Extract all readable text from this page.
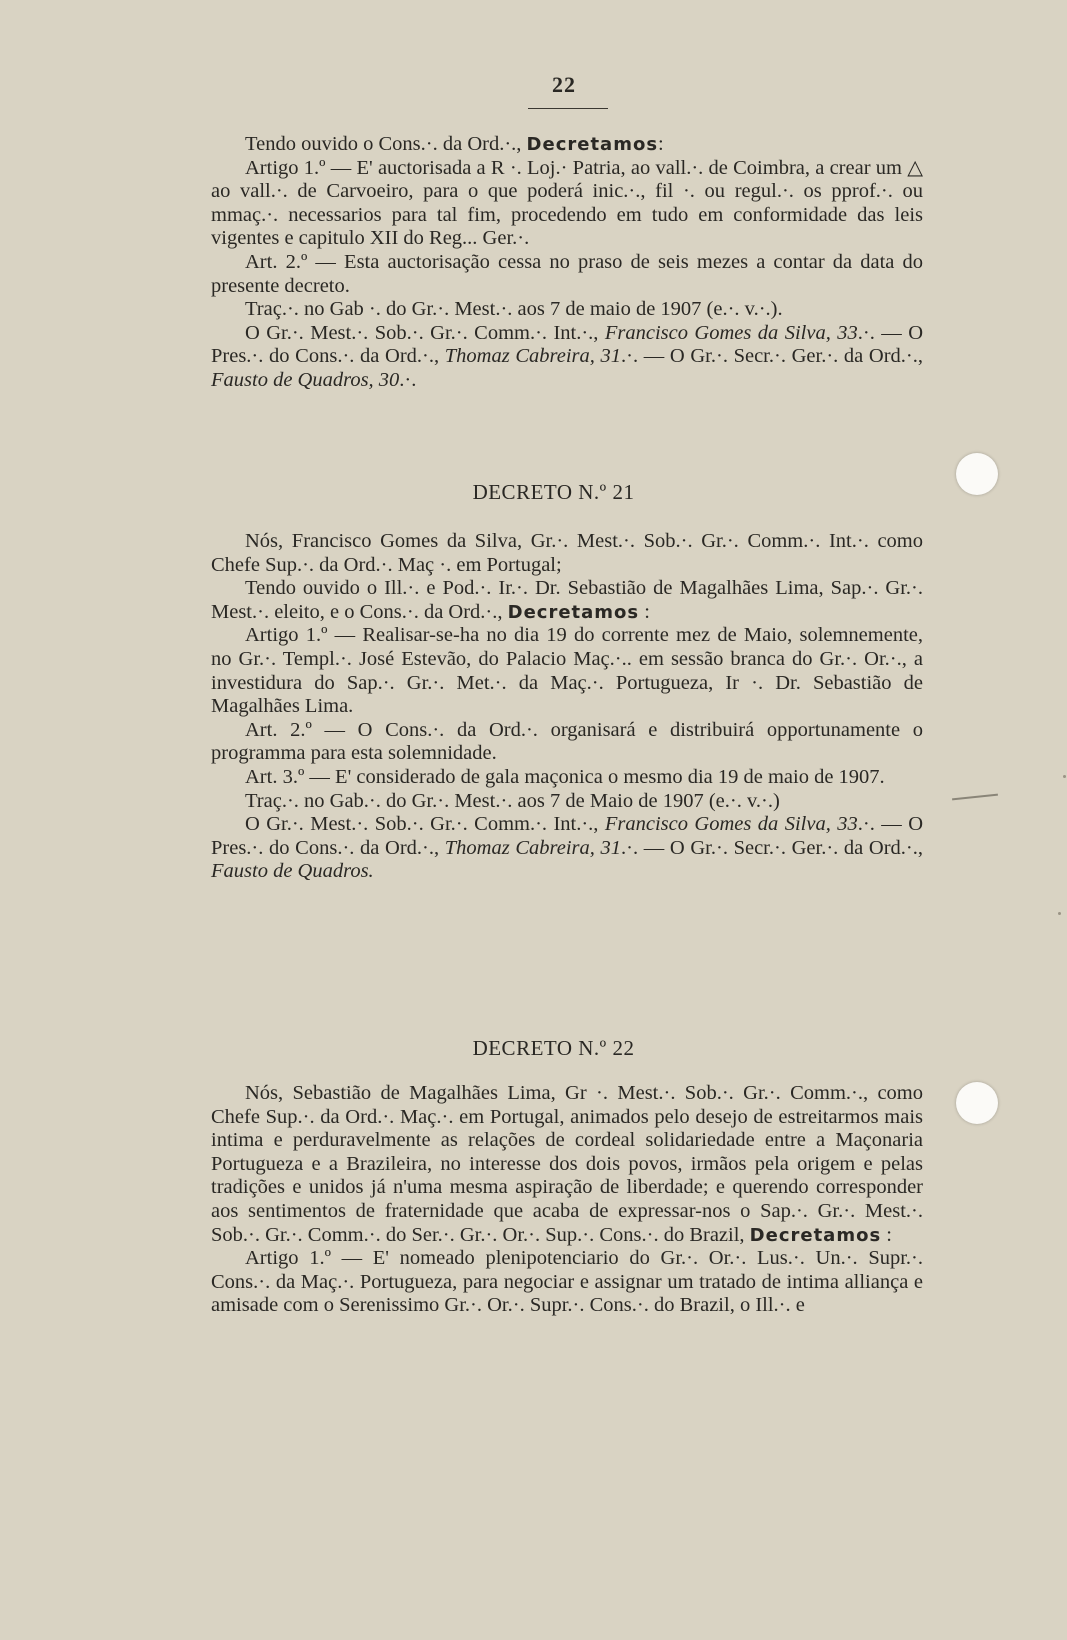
22

Tendo ouvido o Cons.·. da Ord.·., Decretamos:

Artigo 1.º — E' auctorisada a R ·. Loj.· Patria, ao vall.·. de Coimbra, a crear um △ ao vall.·. de Carvoeiro, para o que poderá inic.·., fil ·. ou regul.·. os pprof.·. ou mmaç.·. necessarios para tal fim, procedendo em tudo em conformidade das leis vigentes e capitulo XII do Reg... Ger.·.

Art. 2.º — Esta auctorisação cessa no praso de seis mezes a contar da data do presente decreto.

Traç.·. no Gab ·. do Gr.·. Mest.·. aos 7 de maio de 1907 (e.·. v.·.).

O Gr.·. Mest.·. Sob.·. Gr.·. Comm.·. Int.·., Francisco Gomes da Silva, 33.·. — O Pres.·. do Cons.·. da Ord.·., Thomaz Cabreira, 31.·. — O Gr.·. Secr.·. Ger.·. da Ord.·., Fausto de Quadros, 30.·.

DECRETO N.º 21

Nós, Francisco Gomes da Silva, Gr.·. Mest.·. Sob.·. Gr.·. Comm.·. Int.·. como Chefe Sup.·. da Ord.·. Maç ·. em Portugal;

Tendo ouvido o Ill.·. e Pod.·. Ir.·. Dr. Sebastião de Magalhães Lima, Sap.·. Gr.·. Mest.·. eleito, e o Cons.·. da Ord.·., Decretamos :

Artigo 1.º — Realisar-se-ha no dia 19 do corrente mez de Maio, solemnemente, no Gr.·. Templ.·. José Estevão, do Palacio Maç.·.. em sessão branca do Gr.·. Or.·., a investidura do Sap.·. Gr.·. Met.·. da Maç.·. Portugueza, Ir ·. Dr. Sebastião de Magalhães Lima.

Art. 2.º — O Cons.·. da Ord.·. organisará e distribuirá opportunamente o programma para esta solemnidade.

Art. 3.º — E' considerado de gala maçonica o mesmo dia 19 de maio de 1907.

Traç.·. no Gab.·. do Gr.·. Mest.·. aos 7 de Maio de 1907 (e.·. v.·.)

O Gr.·. Mest.·. Sob.·. Gr.·. Comm.·. Int.·., Francisco Gomes da Silva, 33.·. — O Pres.·. do Cons.·. da Ord.·., Thomaz Cabreira, 31.·. — O Gr.·. Secr.·. Ger.·. da Ord.·., Fausto de Quadros.

DECRETO N.º 22

Nós, Sebastião de Magalhães Lima, Gr ·. Mest.·. Sob.·. Gr.·. Comm.·., como Chefe Sup.·. da Ord.·. Maç.·. em Portugal, animados pelo desejo de estreitarmos mais intima e perduravelmente as relações de cordeal solidariedade entre a Maçonaria Portugueza e a Brazileira, no interesse dos dois povos, irmãos pela origem e pelas tradições e unidos já n'uma mesma aspiração de liberdade; e querendo corresponder aos sentimentos de fraternidade que acaba de expressar-nos o Sap.·. Gr.·. Mest.·. Sob.·. Gr.·. Comm.·. do Ser.·. Gr.·. Or.·. Sup.·. Cons.·. do Brazil, Decretamos :

Artigo 1.º — E' nomeado plenipotenciario do Gr.·. Or.·. Lus.·. Un.·. Supr.·. Cons.·. da Maç.·. Portugueza, para negociar e assignar um tratado de intima alliança e amisade com o Serenissimo Gr.·. Or.·. Supr.·. Cons.·. do Brazil, o Ill.·. e
